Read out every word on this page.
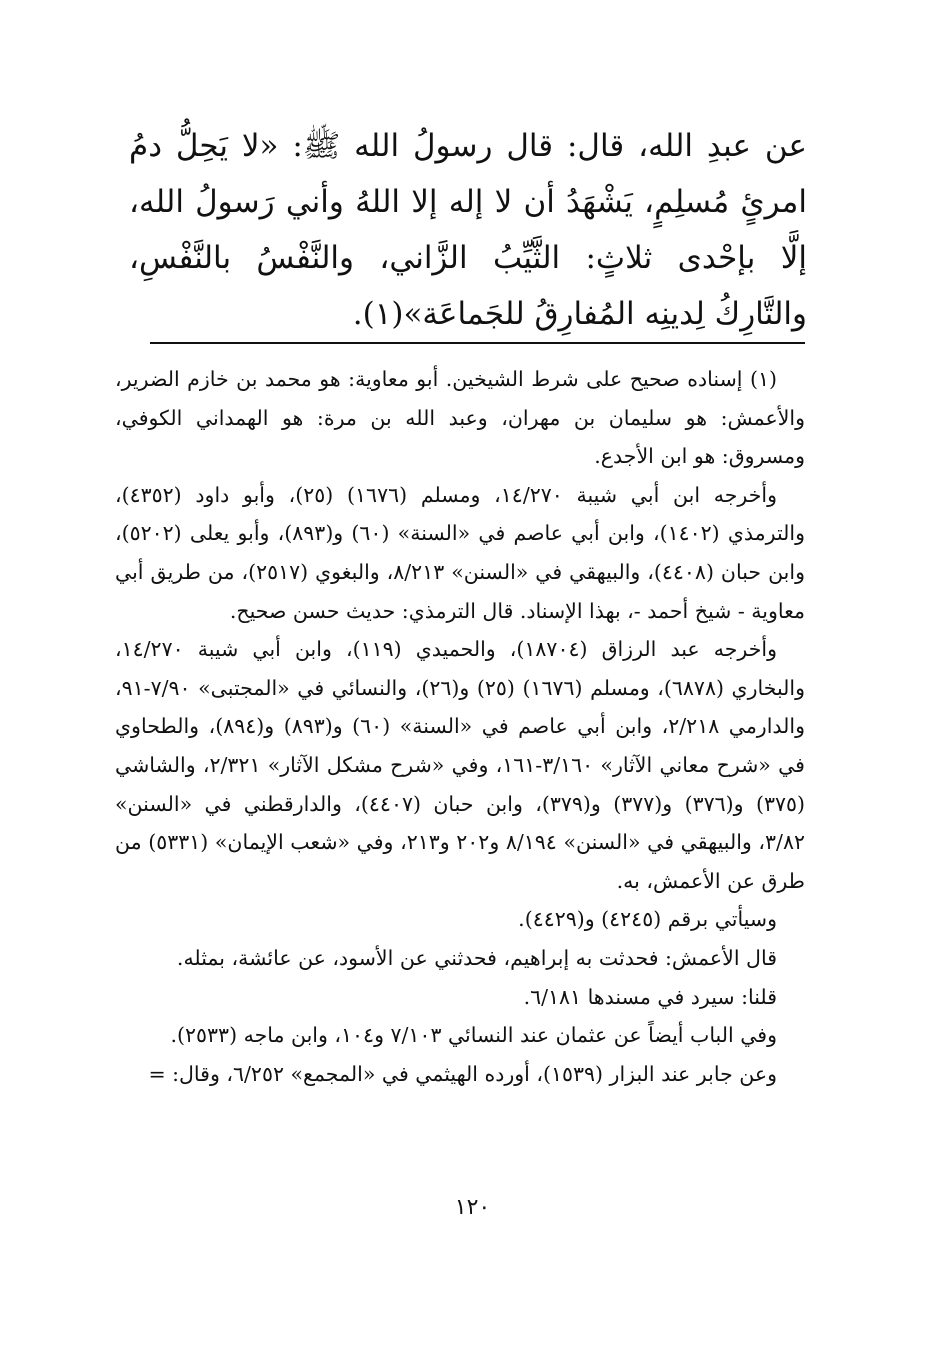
عن عبدِ الله، قال: قال رسولُ الله ﷺ: «لا يَحِلُّ دمُ امرئٍ مُسلِمٍ، يَشْهَدُ أن لا إله إلا اللهُ وأني رَسولُ الله، إلَّا بإحْدى ثلاثٍ: الثَّيِّبُ الزَّاني، والنَّفْسُ بالنَّفْسِ، والتَّارِكُ لِدينِه المُفارِقُ للجَماعَة»(١).

(١) إسناده صحيح على شرط الشيخين. أبو معاوية: هو محمد بن خازم الضرير، والأعمش: هو سليمان بن مهران، وعبد الله بن مرة: هو الهمداني الكوفي، ومسروق: هو ابن الأجدع.

وأخرجه ابن أبي شيبة ١٤/٢٧٠، ومسلم (١٦٧٦) (٢٥)، وأبو داود (٤٣٥٢)، والترمذي (١٤٠٢)، وابن أبي عاصم في «السنة» (٦٠) و(٨٩٣)، وأبو يعلى (٥٢٠٢)، وابن حبان (٤٤٠٨)، والبيهقي في «السنن» ٨/٢١٣، والبغوي (٢٥١٧)، من طريق أبي معاوية - شيخ أحمد -، بهذا الإسناد. قال الترمذي: حديث حسن صحيح.

وأخرجه عبد الرزاق (١٨٧٠٤)، والحميدي (١١٩)، وابن أبي شيبة ١٤/٢٧٠، والبخاري (٦٨٧٨)، ومسلم (١٦٧٦) (٢٥) و(٢٦)، والنسائي في «المجتبى» ٧/٩٠-٩١، والدارمي ٢/٢١٨، وابن أبي عاصم في «السنة» (٦٠) و(٨٩٣) و(٨٩٤)، والطحاوي في «شرح معاني الآثار» ٣/١٦٠-١٦١، وفي «شرح مشكل الآثار» ٢/٣٢١، والشاشي (٣٧٥) و(٣٧٦) و(٣٧٧) و(٣٧٩)، وابن حبان (٤٤٠٧)، والدارقطني في «السنن» ٣/٨٢، والبيهقي في «السنن» ٨/١٩٤ و٢٠٢ و٢١٣، وفي «شعب الإيمان» (٥٣٣١) من طرق عن الأعمش، به.

وسيأتي برقم (٤٢٤٥) و(٤٤٢٩).

قال الأعمش: فحدثت به إبراهيم، فحدثني عن الأسود، عن عائشة، بمثله.

قلنا: سيرد في مسندها ٦/١٨١.

وفي الباب أيضاً عن عثمان عند النسائي ٧/١٠٣ و١٠٤، وابن ماجه (٢٥٣٣).

وعن جابر عند البزار (١٥٣٩)، أورده الهيثمي في «المجمع» ٦/٢٥٢، وقال: =

١٢٠
